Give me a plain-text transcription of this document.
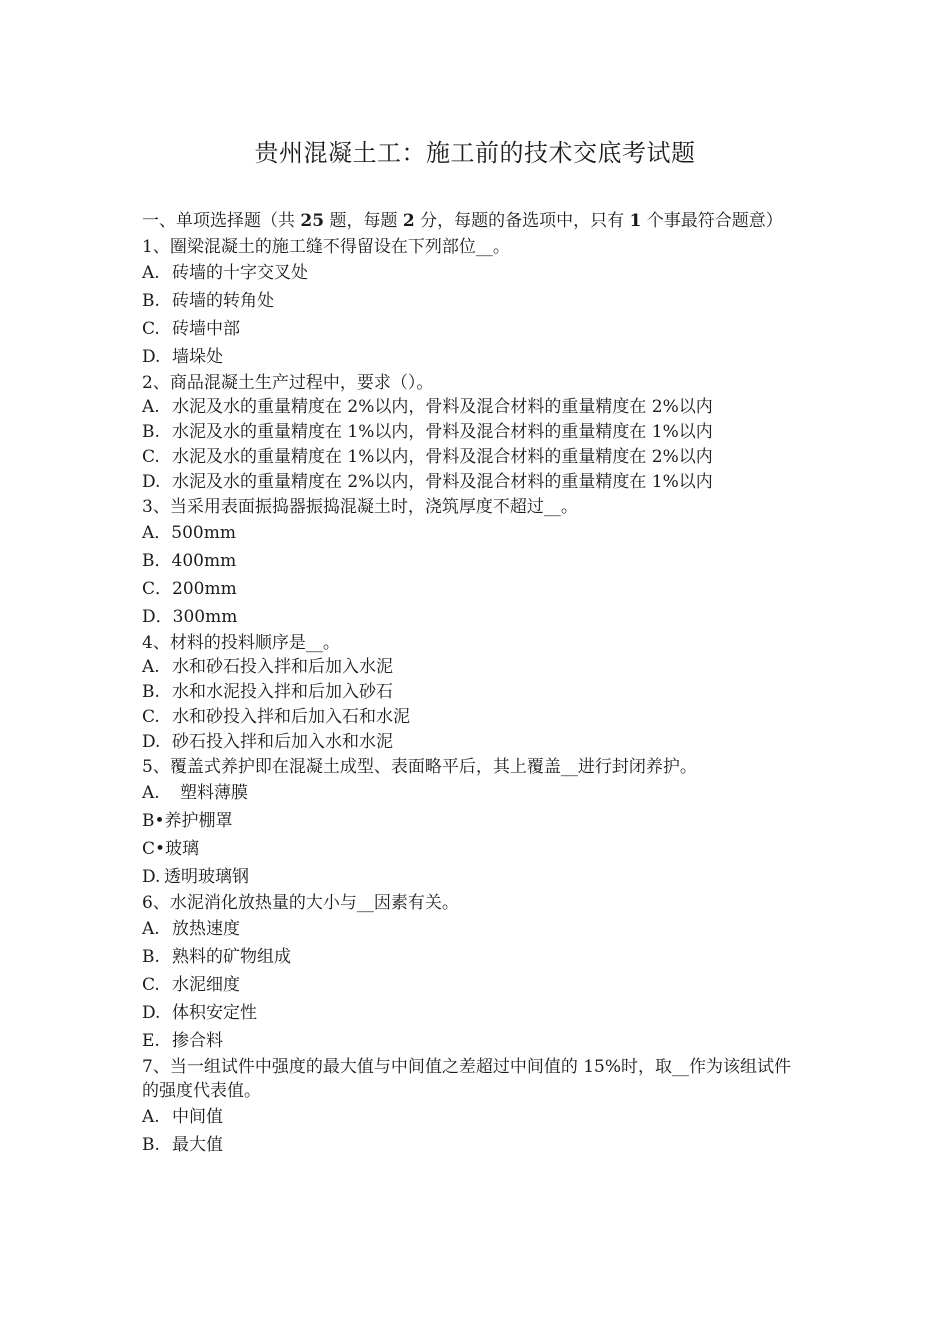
贵州混凝土工：施工前的技术交底考试题
一、单项选择题（共 25 题，每题 2 分，每题的备选项中，只有 1 个事最符合题意）
1、圈梁混凝土的施工缝不得留设在下列部位__。
A. 砖墙的十字交叉处
B. 砖墙的转角处
C. 砖墙中部
D. 墙垛处
2、商品混凝土生产过程中，要求（）。
A. 水泥及水的重量精度在 2%以内，骨料及混合材料的重量精度在 2%以内
B. 水泥及水的重量精度在 1%以内，骨料及混合材料的重量精度在 1%以内
C. 水泥及水的重量精度在 1%以内，骨料及混合材料的重量精度在 2%以内
D. 水泥及水的重量精度在 2%以内，骨料及混合材料的重量精度在 1%以内
3、当采用表面振捣器振捣混凝土时，浇筑厚度不超过__。
A．500mm
B．400mm
C．200mm
D．300mm
4、材料的投料顺序是__。
A. 水和砂石投入拌和后加入水泥
B. 水和水泥投入拌和后加入砂石
C. 水和砂投入拌和后加入石和水泥
D. 砂石投入拌和后加入水和水泥
5、覆盖式养护即在混凝土成型、表面略平后，其上覆盖__进行封闭养护。
A. 塑料薄膜
B•养护棚罩
C•玻璃
D. 透明玻璃钢
6、水泥消化放热量的大小与__因素有关。
A. 放热速度
B. 熟料的矿物组成
C. 水泥细度
D. 体积安定性
E. 掺合料
7、当一组试件中强度的最大值与中间值之差超过中间值的 15%时，取__作为该组试件的强度代表值。
A. 中间值
B. 最大值
